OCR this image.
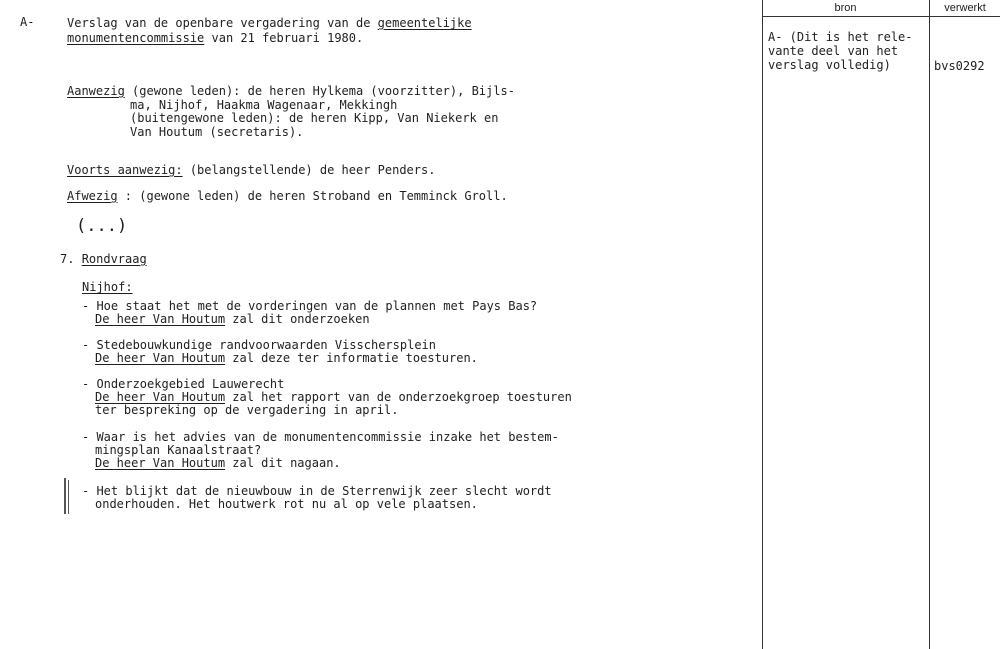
bron	verwerkt
A- (Dit is het rele-
vante deel van het
verslag volledig)	bvs0292
A-	Verslag van de openbare vergadering van de gemeentelijke
monumentencommissie van 21 februari 1980.
Aanwezig (gewone leden): de heren Hylkema (voorzitter), Bijls-
ma, Nijhof, Haakma Wagenaar, Mekkingh
(buitengewone leden): de heren Kipp, Van Niekerk en
Van Houtum (secretaris).
Voorts aanwezig: (belangstellende) de heer Penders.
Afwezig : (gewone leden) de heren Stroband en Temminck Groll.
(...)
7. Rondvraag
Nijhof:
- Hoe staat het met de vorderingen van de plannen met Pays Bas?
De heer Van Houtum zal dit onderzoeken
- Stedebouwkundige randvoorwaarden Visschersplein
De heer Van Houtum zal deze ter informatie toesturen.
- Onderzoekgebied Lauwerecht
De heer Van Houtum zal het rapport van de onderzoekgroep toesturen
ter bespreking op de vergadering in april.
- Waar is het advies van de monumentencommissie inzake het bestem-
mingsplan Kanaalstraat?
De heer Van Houtum zal dit nagaan.
- Het blijkt dat de nieuwbouw in de Sterrenwijk zeer slecht wordt
onderhouden. Het houtwerk rot nu al op vele plaatsen.
